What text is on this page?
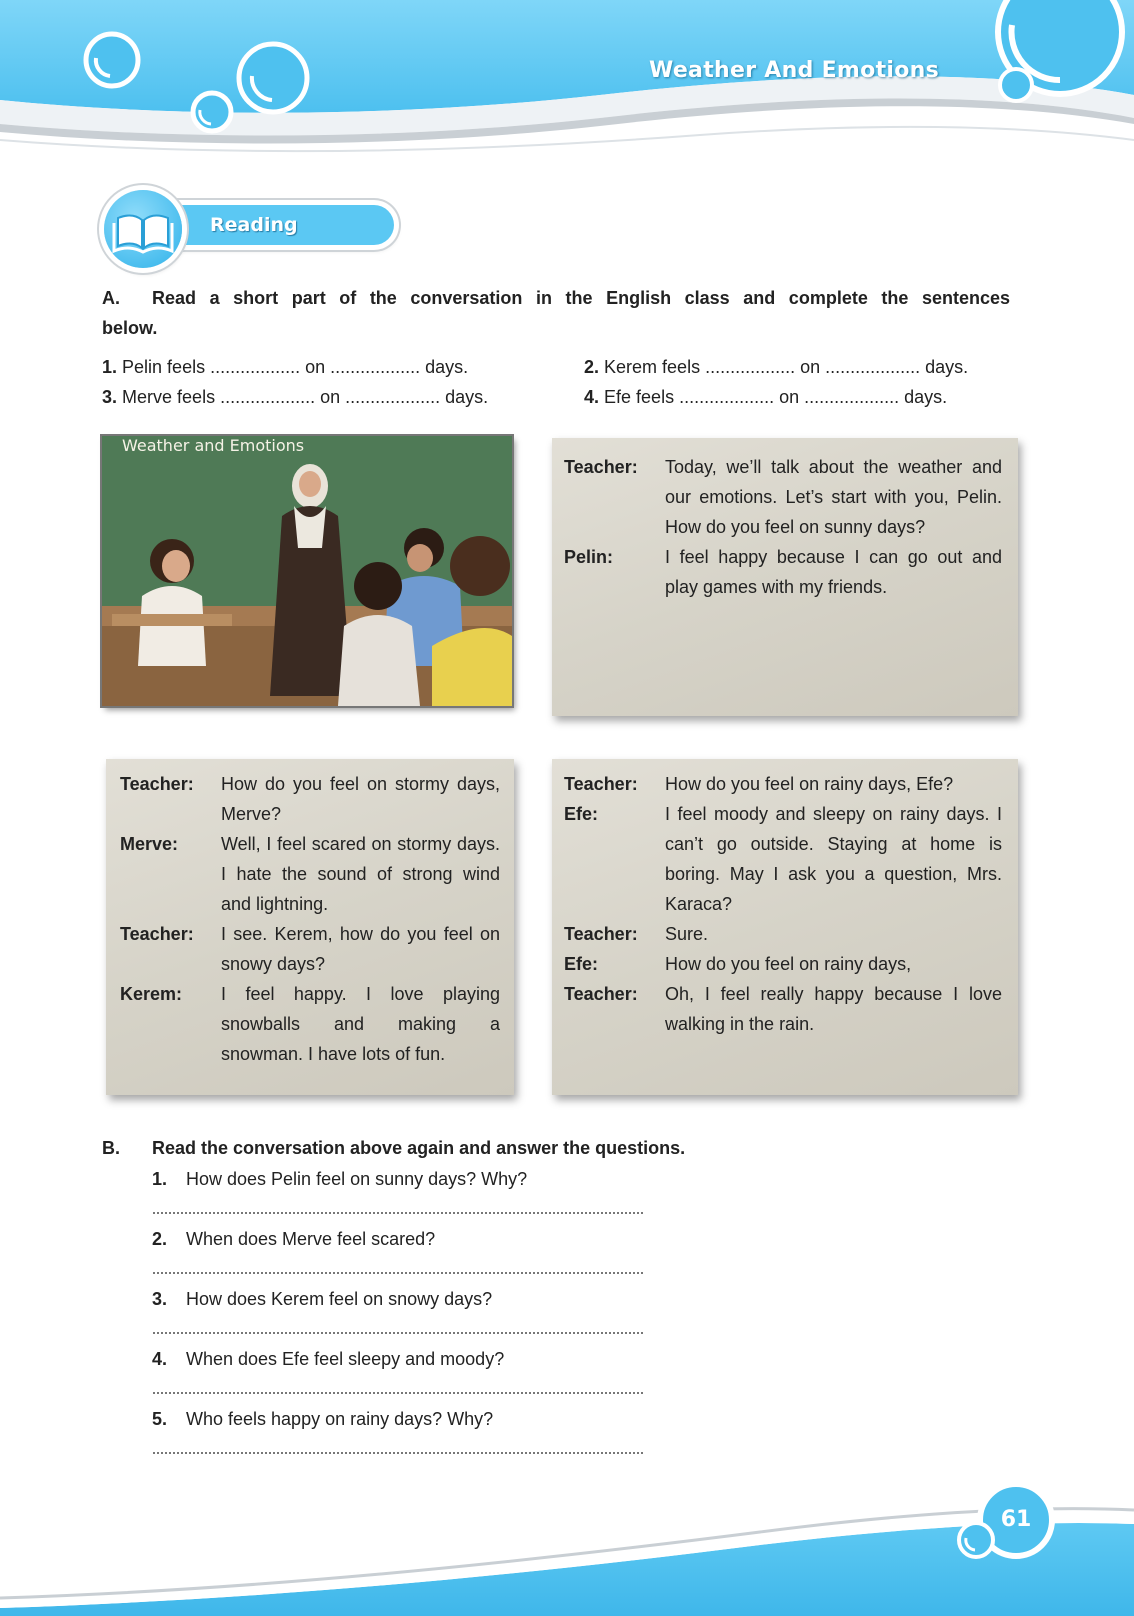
Weather And Emotions
Reading
A. Read a short part of the conversation in the English class and complete the sentences
below.
1. Pelin feels .................. on .................. days.	2. Kerem feels .................. on ................... days.
3. Merve feels ................... on ................... days.	4. Efe feels ................... on ................... days.
Weather and Emotions
Teacher:	Today, we’ll talk about the weather and our emotions. Let’s start with you, Pelin. How do you feel on sunny days?
Pelin:	I feel happy because I can go out and play games with my friends.
Teacher:	How do you feel on stormy days, Merve?
Merve:	Well, I feel scared on stormy days. I hate the sound of strong wind and lightning.
Teacher:	I see. Kerem, how do you feel on snowy days?
Kerem:	I feel happy. I love playing snowballs and making a snowman. I have lots of fun.
Teacher:	How do you feel on rainy days, Efe?
Efe:	I feel moody and sleepy on rainy days. I can’t go outside. Staying at home is boring. May I ask you a question, Mrs. Karaca?
Teacher:	Sure.
Efe:	How do you feel on rainy days,
Teacher:	Oh, I feel really happy because I love walking in the rain.
B. Read the conversation above again and answer the questions.
1. How does Pelin feel on sunny days? Why?
2. When does Merve feel scared?
3. How does Kerem feel on snowy days?
4. When does Efe feel sleepy and moody?
5. Who feels happy on rainy days? Why?
61
